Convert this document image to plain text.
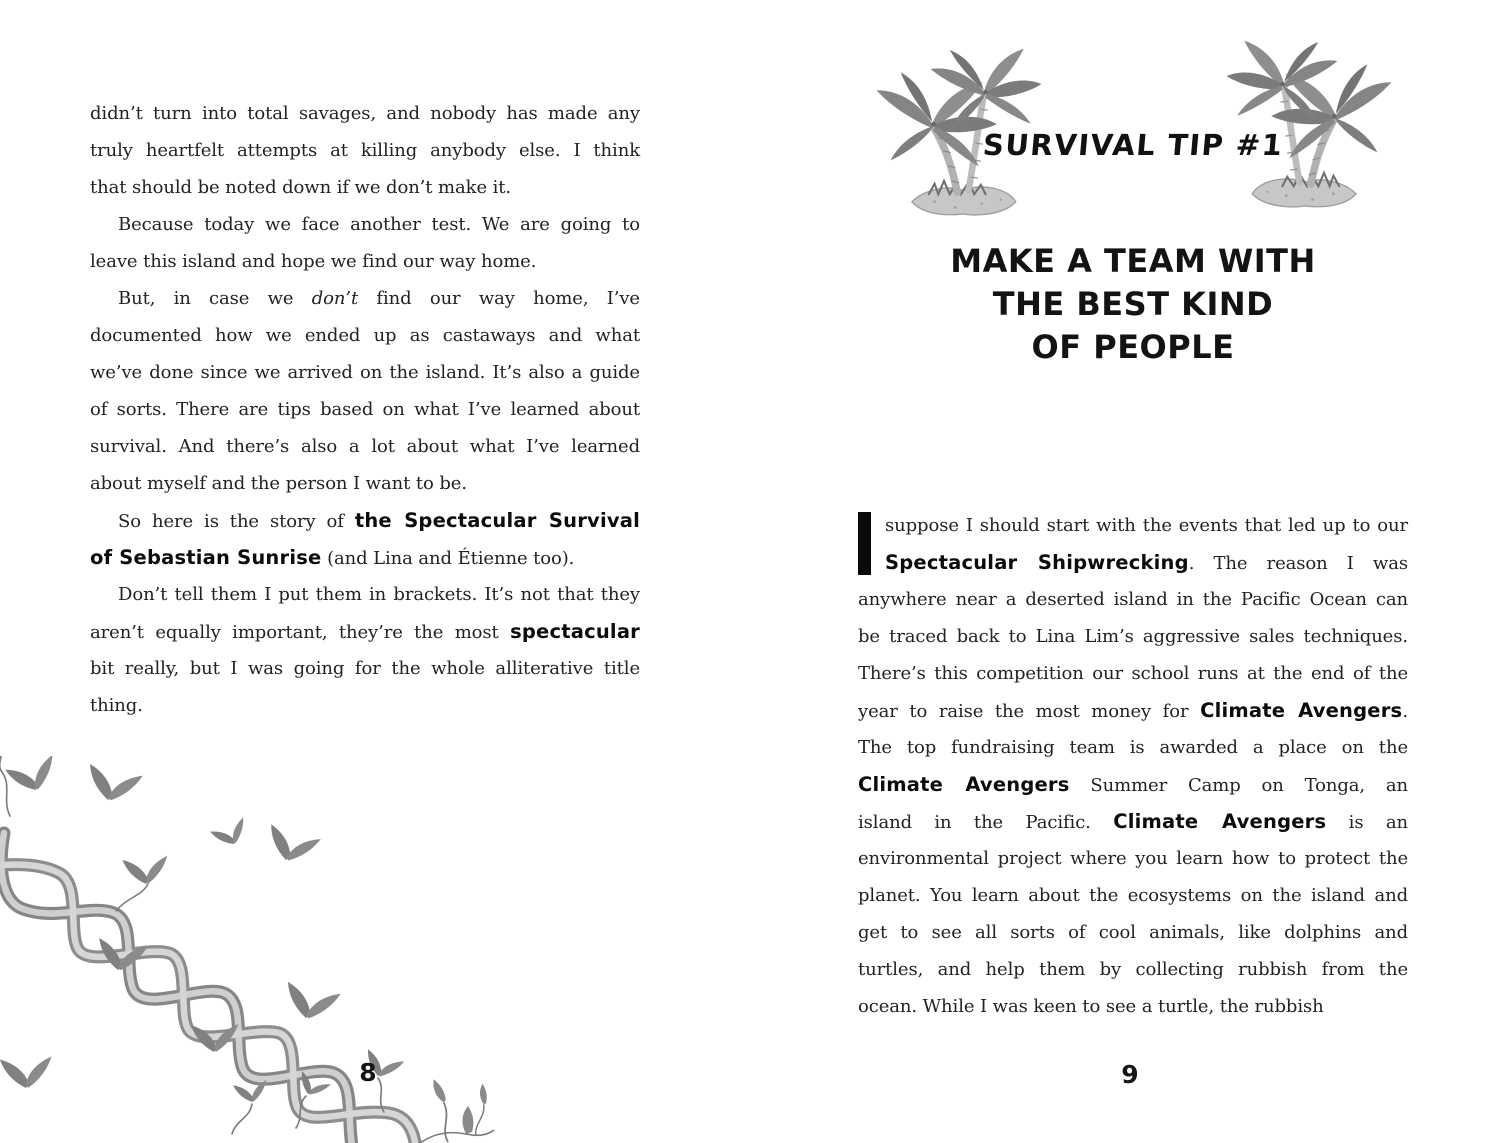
didn’t turn into total savages, and nobody has made any
truly heartfelt attempts at killing anybody else. I think
that should be noted down if we don’t make it.
Because today we face another test. We are going to
leave this island and hope we find our way home.
But, in case we don’t find our way home, I’ve
documented how we ended up as castaways and what
we’ve done since we arrived on the island. It’s also a guide
of sorts. There are tips based on what I’ve learned about
survival. And there’s also a lot about what I’ve learned
about myself and the person I want to be.
So here is the story of the Spectacular Survival
of Sebastian Sunrise (and Lina and Étienne too).
Don’t tell them I put them in brackets. It’s not that they
aren’t equally important, they’re the most spectacular
bit really, but I was going for the whole alliterative title
thing.
8
SURVIVAL TIP #1
MAKE A TEAM WITH
THE BEST KIND
OF PEOPLE
suppose I should start with the events that led up to our
Spectacular Shipwrecking. The reason I was
anywhere near a deserted island in the Pacific Ocean can
be traced back to Lina Lim’s aggressive sales techniques.
There’s this competition our school runs at the end of the
year to raise the most money for Climate Avengers.
The top fundraising team is awarded a place on the
Climate Avengers Summer Camp on Tonga, an
island in the Pacific. Climate Avengers is an
environmental project where you learn how to protect the
planet. You learn about the ecosystems on the island and
get to see all sorts of cool animals, like dolphins and
turtles, and help them by collecting rubbish from the
ocean. While I was keen to see a turtle, the rubbish
9
